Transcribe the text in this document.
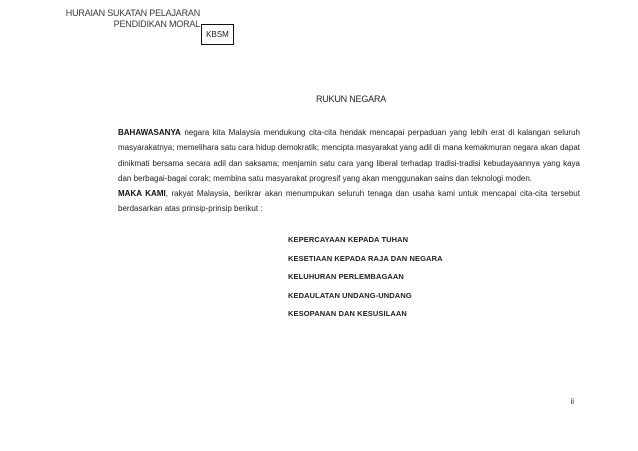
HURAIAN SUKATAN PELAJARAN
PENDIDIKAN MORAL
KBSM
RUKUN NEGARA
BAHAWASANYA negara kita Malaysia mendukung cita-cita hendak mencapai perpaduan yang lebih erat di kalangan seluruh masyarakatnya; memelihara satu cara hidup demokratik; mencipta masyarakat yang adil di mana kemakmuran negara akan dapat dinikmati bersama secara adil dan saksama; menjamin satu cara yang liberal terhadap tradisi-tradisi kebudayaannya yang kaya dan berbagai-bagai corak; membina satu masyarakat progresif yang akan menggunakan sains dan teknologi moden.
MAKA KAMI, rakyat Malaysia, berikrar akan menumpukan seluruh tenaga dan usaha kami untuk mencapai cita-cita tersebut berdasarkan atas prinsip-prinsip berikut :
KEPERCAYAAN KEPADA TUHAN
KESETIAAN KEPADA RAJA DAN NEGARA
KELUHURAN PERLEMBAGAAN
KEDAULATAN UNDANG-UNDANG
KESOPANAN DAN KESUSILAAN
ii
